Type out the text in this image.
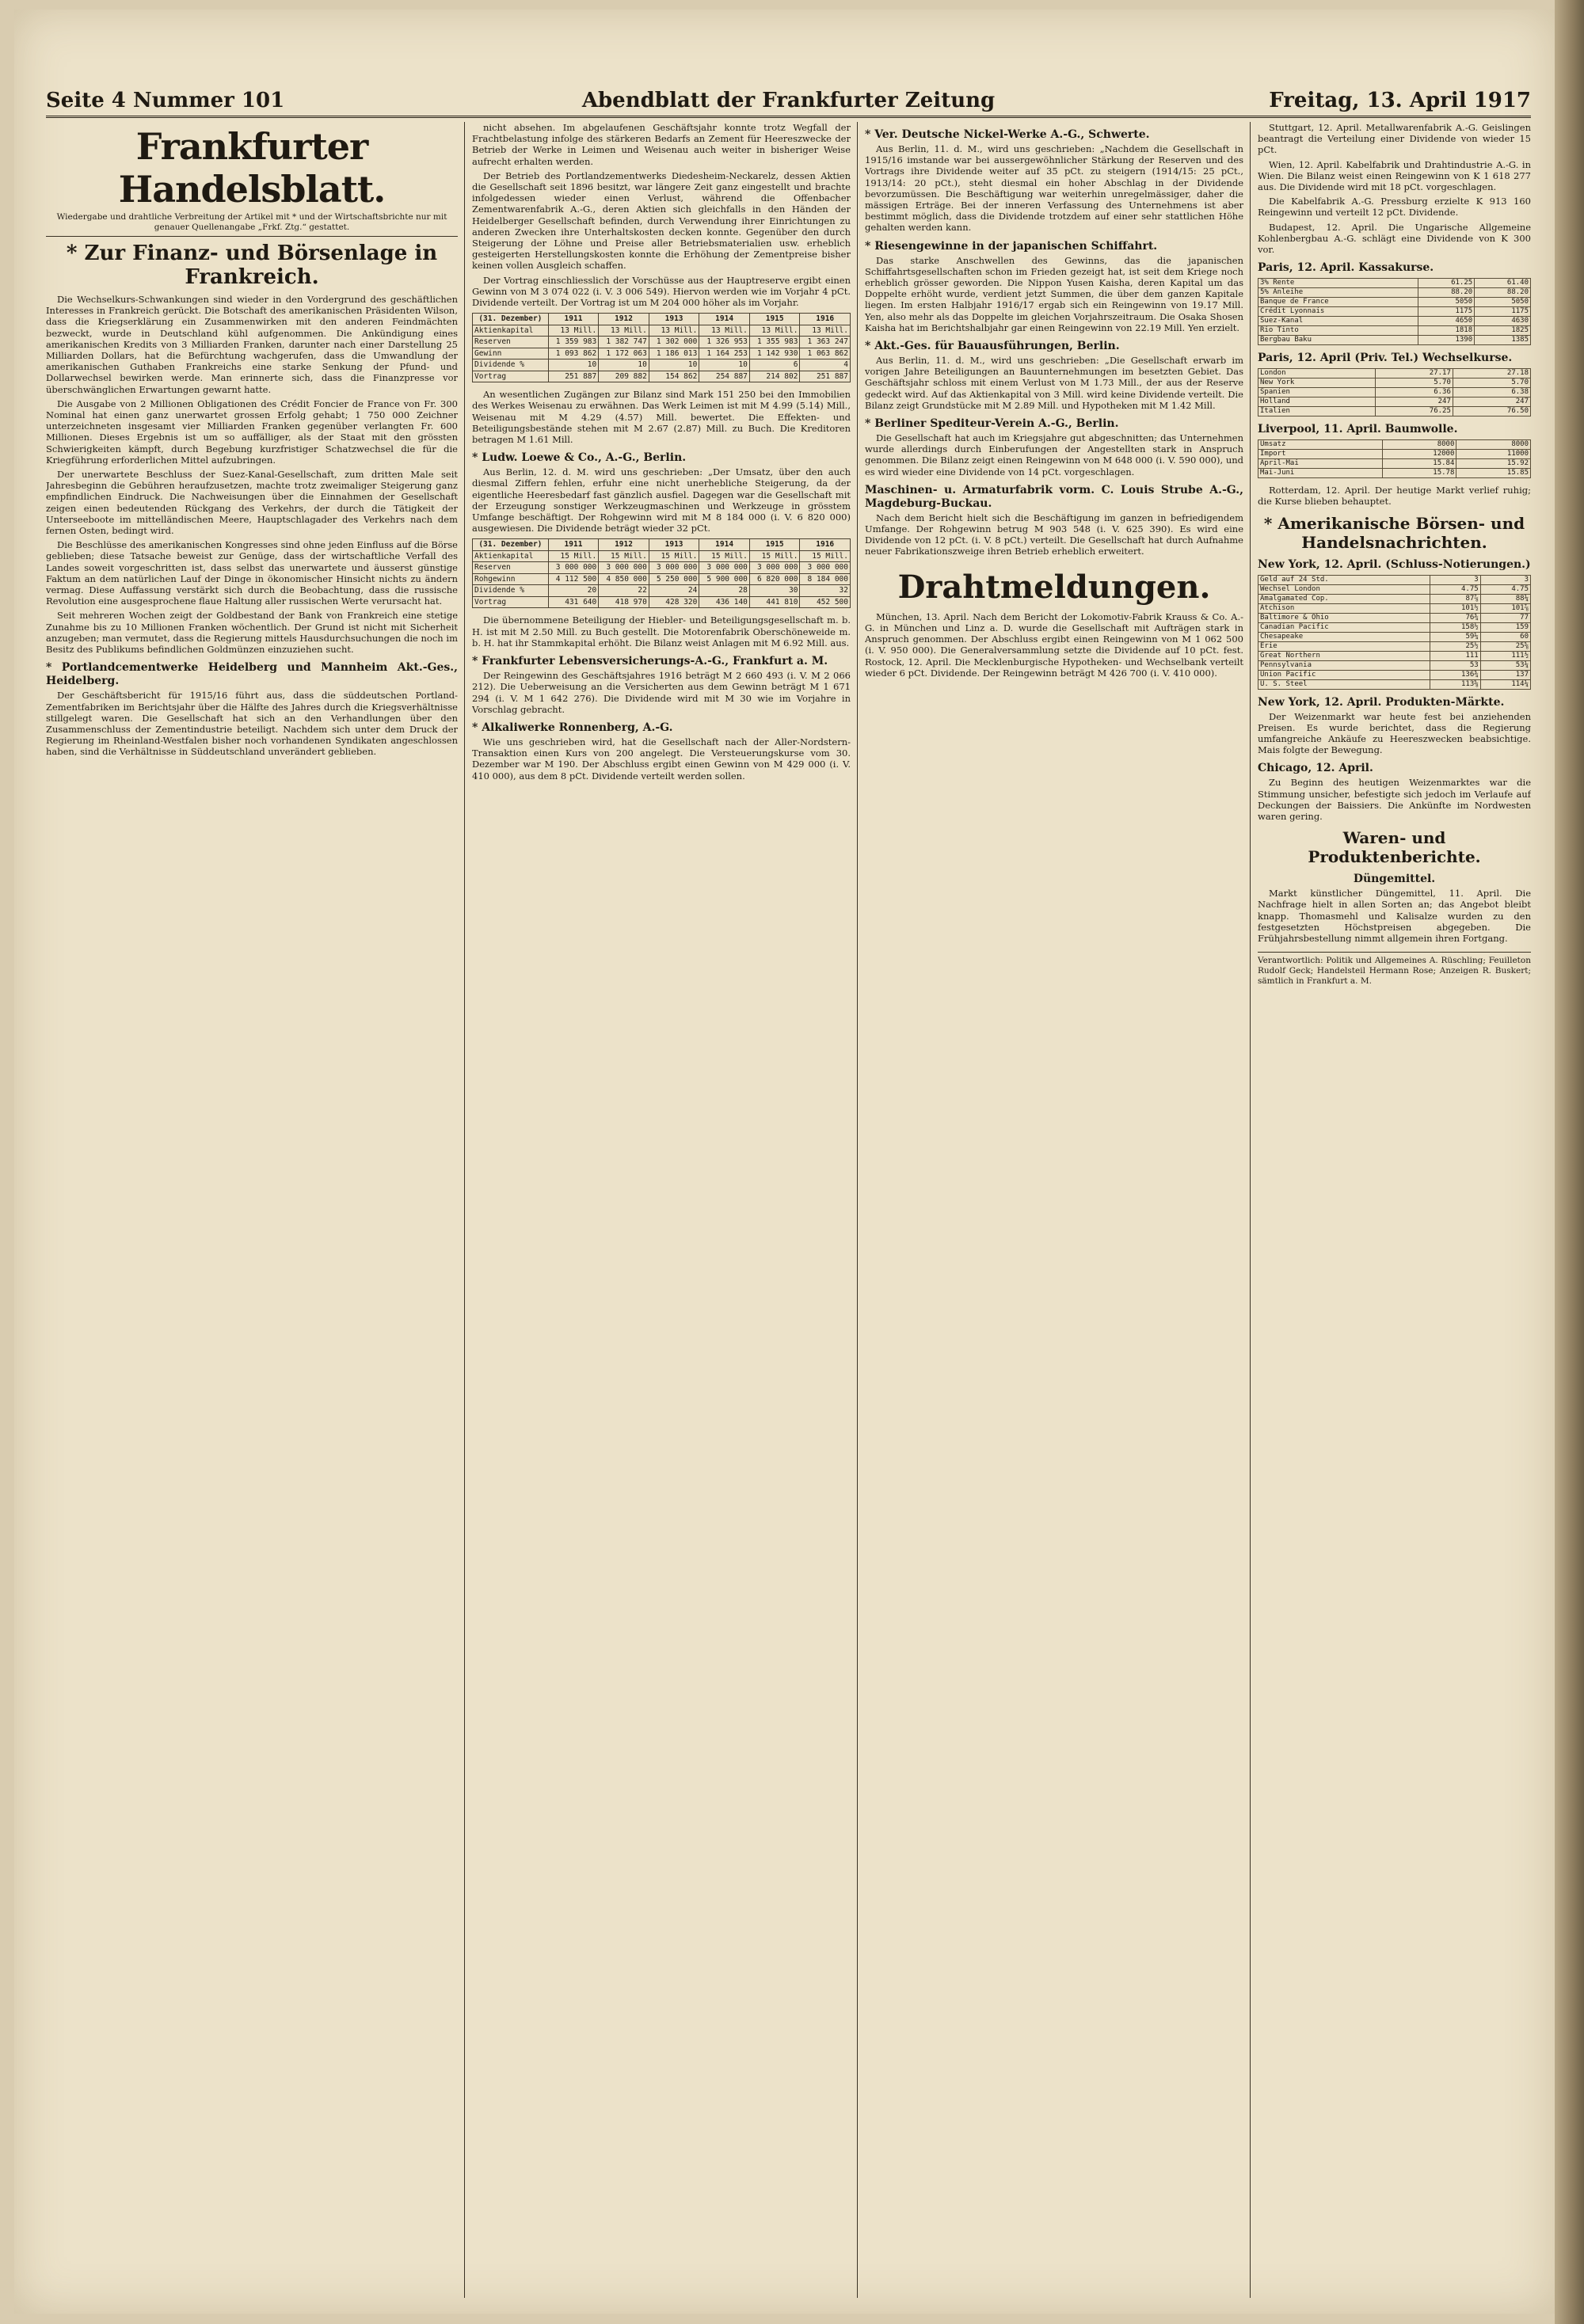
Seite 4 Nummer 101	Abendblatt der Frankfurter Zeitung	Freitag, 13. April 1917
Frankfurter Handelsblatt.
Wiedergabe und drahtliche Verbreitung der Artikel mit * und der Wirtschaftsbrichte nur mit genauer Quellenangabe „Frkf. Ztg.“ gestattet.
* Zur Finanz- und Börsenlage in Frankreich.

Die Wechselkurs-Schwankungen sind wieder in den Vordergrund des geschäftlichen Interesses in Frankreich gerückt. Die Botschaft des amerikanischen Präsidenten Wilson, dass die Kriegserklärung ein Zusammenwirken mit den anderen Feindmächten bezweckt, wurde in Deutschland kühl aufgenommen. Die Ankündigung eines amerikanischen Kredits von 3 Milliarden Franken, darunter nach einer Darstellung 25 Milliarden Dollars, hat die Befürchtung wachgerufen, dass die Umwandlung der amerikanischen Guthaben Frankreichs eine starke Senkung der Pfund- und Dollarwechsel bewirken werde. Man erinnerte sich, dass die Finanzpresse vor überschwänglichen Erwartungen gewarnt hatte.

Die Ausgabe von 2 Millionen Obligationen des Crédit Foncier de France von Fr. 300 Nominal hat einen ganz unerwartet grossen Erfolg gehabt; 1 750 000 Zeichner unterzeichneten insgesamt vier Milliarden Franken gegenüber verlangten Fr. 600 Millionen. Dieses Ergebnis ist um so auffälliger, als der Staat mit den grössten Schwierigkeiten kämpft, durch Begebung kurzfristiger Schatzwechsel die für die Kriegführung erforderlichen Mittel aufzubringen.

Der unerwartete Beschluss der Suez-Kanal-Gesellschaft, zum dritten Male seit Jahresbeginn die Gebühren heraufzusetzen, machte trotz zweimaliger Steigerung ganz empfindlichen Eindruck. Die Nachweisungen über die Einnahmen der Gesellschaft zeigen einen bedeutenden Rückgang des Verkehrs, der durch die Tätigkeit der Unterseeboote im mittelländischen Meere, Hauptschlagader des Verkehrs nach dem fernen Osten, bedingt wird.

Die Beschlüsse des amerikanischen Kongresses sind ohne jeden Einfluss auf die Börse geblieben; diese Tatsache beweist zur Genüge, dass der wirtschaftliche Verfall des Landes soweit vorgeschritten ist, dass selbst das unerwartete und äusserst günstige Faktum an dem natürlichen Lauf der Dinge in ökonomischer Hinsicht nichts zu ändern vermag. Diese Auffassung verstärkt sich durch die Beobachtung, dass die russische Revolution eine ausgesprochene flaue Haltung aller russischen Werte verursacht hat.

Seit mehreren Wochen zeigt der Goldbestand der Bank von Frankreich eine stetige Zunahme bis zu 10 Millionen Franken wöchentlich. Der Grund ist nicht mit Sicherheit anzugeben; man vermutet, dass die Regierung mittels Hausdurchsuchungen die noch im Besitz des Publikums befindlichen Goldmünzen einzuziehen sucht.

* Portlandcementwerke Heidelberg und Mannheim Akt.-Ges., Heidelberg.

Der Geschäftsbericht für 1915/16 führt aus, dass die süddeutschen Portland-Zementfabriken im Berichtsjahr über die Hälfte des Jahres durch die Kriegsverhältnisse stillgelegt waren. Die Gesellschaft hat sich an den Verhandlungen über den Zusammenschluss der Zementindustrie beteiligt. Nachdem sich unter dem Druck der Regierung im Rheinland-Westfalen bisher noch vorhandenen Syndikaten angeschlossen haben, sind die Verhältnisse in Süddeutschland unverändert geblieben.

nicht absehen. Im abgelaufenen Geschäftsjahr konnte trotz Wegfall der Frachtbelastung infolge des stärkeren Bedarfs an Zement für Heereszwecke der Betrieb der Werke in Leimen und Weisenau auch weiter in bisheriger Weise aufrecht erhalten werden.

Der Betrieb des Portlandzementwerks Diedesheim-Neckarelz, dessen Aktien die Gesellschaft seit 1896 besitzt, war längere Zeit ganz eingestellt und brachte infolgedessen wieder einen Verlust, während die Offenbacher Zementwarenfabrik A.-G., deren Aktien sich gleichfalls in den Händen der Heidelberger Gesellschaft befinden, durch Verwendung ihrer Einrichtungen zu anderen Zwecken ihre Unterhaltskosten decken konnte. Gegenüber den durch Steigerung der Löhne und Preise aller Betriebsmaterialien usw. erheblich gesteigerten Herstellungskosten konnte die Erhöhung der Zementpreise bisher keinen vollen Ausgleich schaffen.

Der Vortrag einschliesslich der Vorschüsse aus der Hauptreserve ergibt einen Gewinn von M 3 074 022 (i. V. 3 006 549). Hiervon werden wie im Vorjahr 4 pCt. Dividende verteilt. Der Vortrag ist um M 204 000 höher als im Vorjahr.

(31. Dezember)	1911	1912	1913	1914	1915	1916
Aktienkapital	13 Mill.	13 Mill.	13 Mill.	13 Mill.	13 Mill.	13 Mill.
Reserven	1 359 983	1 382 747	1 302 000	1 326 953	1 355 983	1 363 247
Gewinn	1 093 862	1 172 063	1 186 013	1 164 253	1 142 930	1 063 862
Dividende %	10	10	10	10	6	4
Vortrag	251 887	209 882	154 862	254 887	214 802	251 887

An wesentlichen Zugängen zur Bilanz sind Mark 151 250 bei den Immobilien des Werkes Weisenau zu erwähnen. Das Werk Leimen ist mit M 4.99 (5.14) Mill., Weisenau mit M 4.29 (4.57) Mill. bewertet. Die Effekten- und Beteiligungsbestände stehen mit M 2.67 (2.87) Mill. zu Buch. Die Kreditoren betragen M 1.61 Mill.

* Ludw. Loewe & Co., A.-G., Berlin.

Aus Berlin, 12. d. M. wird uns geschrieben: „Der Umsatz, über den auch diesmal Ziffern fehlen, erfuhr eine nicht unerhebliche Steigerung, da der eigentliche Heeresbedarf fast gänzlich ausfiel. Dagegen war die Gesellschaft mit der Erzeugung sonstiger Werkzeugmaschinen und Werkzeuge in grösstem Umfange beschäftigt. Der Rohgewinn wird mit M 8 184 000 (i. V. 6 820 000) ausgewiesen. Die Dividende beträgt wieder 32 pCt.

(31. Dezember)	1911	1912	1913	1914	1915	1916
Aktienkapital	15 Mill.	15 Mill.	15 Mill.	15 Mill.	15 Mill.	15 Mill.
Reserven	3 000 000	3 000 000	3 000 000	3 000 000	3 000 000	3 000 000
Rohgewinn	4 112 500	4 850 000	5 250 000	5 900 000	6 820 000	8 184 000
Dividende %	20	22	24	28	30	32
Vortrag	431 640	418 970	428 320	436 140	441 810	452 500

Die übernommene Beteiligung der Hiebler- und Beteiligungsgesellschaft m. b. H. ist mit M 2.50 Mill. zu Buch gestellt. Die Motorenfabrik Oberschöneweide m. b. H. hat ihr Stammkapital erhöht. Die Bilanz weist Anlagen mit M 6.92 Mill. aus.

* Frankfurter Lebensversicherungs-A.-G., Frankfurt a. M.

Der Reingewinn des Geschäftsjahres 1916 beträgt M 2 660 493 (i. V. M 2 066 212). Die Ueberweisung an die Versicherten aus dem Gewinn beträgt M 1 671 294 (i. V. M 1 642 276). Die Dividende wird mit M 30 wie im Vorjahre in Vorschlag gebracht.

* Alkaliwerke Ronnenberg, A.-G.

Wie uns geschrieben wird, hat die Gesellschaft nach der Aller-Nordstern-Transaktion einen Kurs von 200 angelegt. Die Versteuerungskurse vom 30. Dezember war M 190. Der Abschluss ergibt einen Gewinn von M 429 000 (i. V. 410 000), aus dem 8 pCt. Dividende verteilt werden sollen.

* Ver. Deutsche Nickel-Werke A.-G., Schwerte.

Aus Berlin, 11. d. M., wird uns geschrieben: „Nachdem die Gesellschaft in 1915/16 imstande war bei aussergewöhnlicher Stärkung der Reserven und des Vortrags ihre Dividende weiter auf 35 pCt. zu steigern (1914/15: 25 pCt., 1913/14: 20 pCt.), steht diesmal ein hoher Abschlag in der Dividende bevorzumüssen. Die Beschäftigung war weiterhin unregelmässiger, daher die mässigen Erträge. Bei der inneren Verfassung des Unternehmens ist aber bestimmt möglich, dass die Dividende trotzdem auf einer sehr stattlichen Höhe gehalten werden kann.

* Riesengewinne in der japanischen Schiffahrt.

Das starke Anschwellen des Gewinns, das die japanischen Schiffahrtsgesellschaften schon im Frieden gezeigt hat, ist seit dem Kriege noch erheblich grösser geworden. Die Nippon Yusen Kaisha, deren Kapital um das Doppelte erhöht wurde, verdient jetzt Summen, die über dem ganzen Kapitale liegen. Im ersten Halbjahr 1916/17 ergab sich ein Reingewinn von 19.17 Mill. Yen, also mehr als das Doppelte im gleichen Vorjahrszeitraum. Die Osaka Shosen Kaisha hat im Berichtshalbjahr gar einen Reingewinn von 22.19 Mill. Yen erzielt.

* Akt.-Ges. für Bauausführungen, Berlin.

Aus Berlin, 11. d. M., wird uns geschrieben: „Die Gesellschaft erwarb im vorigen Jahre Beteiligungen an Bauunternehmungen im besetzten Gebiet. Das Geschäftsjahr schloss mit einem Verlust von M 1.73 Mill., der aus der Reserve gedeckt wird. Auf das Aktienkapital von 3 Mill. wird keine Dividende verteilt. Die Bilanz zeigt Grundstücke mit M 2.89 Mill. und Hypotheken mit M 1.42 Mill.

* Berliner Spediteur-Verein A.-G., Berlin.

Die Gesellschaft hat auch im Kriegsjahre gut abgeschnitten; das Unternehmen wurde allerdings durch Einberufungen der Angestellten stark in Anspruch genommen. Die Bilanz zeigt einen Reingewinn von M 648 000 (i. V. 590 000), und es wird wieder eine Dividende von 14 pCt. vorgeschlagen.

Maschinen- u. Armaturfabrik vorm. C. Louis Strube A.-G., Magdeburg-Buckau.

Nach dem Bericht hielt sich die Beschäftigung im ganzen in befriedigendem Umfange. Der Rohgewinn betrug M 903 548 (i. V. 625 390). Es wird eine Dividende von 12 pCt. (i. V. 8 pCt.) verteilt. Die Gesellschaft hat durch Aufnahme neuer Fabrikationszweige ihren Betrieb erheblich erweitert.

Drahtmeldungen.

München, 13. April. Nach dem Bericht der Lokomotiv-Fabrik Krauss & Co. A.-G. in München und Linz a. D. wurde die Gesellschaft mit Aufträgen stark in Anspruch genommen. Der Abschluss ergibt einen Reingewinn von M 1 062 500 (i. V. 950 000). Die Generalversammlung setzte die Dividende auf 10 pCt. fest. Rostock, 12. April. Die Mecklenburgische Hypotheken- und Wechselbank verteilt wieder 6 pCt. Dividende. Der Reingewinn beträgt M 426 700 (i. V. 410 000).

Stuttgart, 12. April. Metallwarenfabrik A.-G. Geislingen beantragt die Verteilung einer Dividende von wieder 15 pCt.

Wien, 12. April. Kabelfabrik und Drahtindustrie A.-G. in Wien. Die Bilanz weist einen Reingewinn von K 1 618 277 aus. Die Dividende wird mit 18 pCt. vorgeschlagen.

Die Kabelfabrik A.-G. Pressburg erzielte K 913 160 Reingewinn und verteilt 12 pCt. Dividende.

Budapest, 12. April. Die Ungarische Allgemeine Kohlenbergbau A.-G. schlägt eine Dividende von K 300 vor.

Paris, 12. April. Kassakurse.
3% Rente	61.25	61.40
5% Anleihe	88.20	88.20
Banque de France	5050	5050
Crédit Lyonnais	1175	1175
Suez-Kanal	4650	4630
Rio Tinto	1818	1825
Bergbau Baku	1390	1385
Paris, 12. April (Priv. Tel.) Wechselkurse.
London	27.17	27.18
New York	5.70	5.70
Spanien	6.36	6.38
Holland	247	247
Italien	76.25	76.50
Liverpool, 11. April. Baumwolle.
Umsatz	8000	8000
Import	12000	11000
April-Mai	15.84	15.92
Mai-Juni	15.78	15.85

Rotterdam, 12. April. Der heutige Markt verlief ruhig; die Kurse blieben behauptet.

* Amerikanische Börsen- und Handelsnachrichten.
New York, 12. April. (Schluss-Notierungen.)
Geld auf 24 Std.	3	3
Wechsel London	4.75	4.75
Amalgamated Cop.	87⅞	88¼
Atchison	101½	101⅞
Baltimore & Ohio	76¾	77
Canadian Pacific	158½	159
Chesapeake	59¼	60
Erie	25½	25⅝
Great Northern	111	111½
Pennsylvania	53	53¼
Union Pacific	136¾	137
U. S. Steel	113⅝	114¼
New York, 12. April. Produkten-Märkte.

Der Weizenmarkt war heute fest bei anziehenden Preisen. Es wurde berichtet, dass die Regierung umfangreiche Ankäufe zu Heereszwecken beabsichtige. Mais folgte der Bewegung.

Chicago, 12. April.

Zu Beginn des heutigen Weizenmarktes war die Stimmung unsicher, befestigte sich jedoch im Verlaufe auf Deckungen der Baissiers. Die Ankünfte im Nordwesten waren gering.

Waren- und Produktenberichte.
Düngemittel.

Markt künstlicher Düngemittel, 11. April. Die Nachfrage hielt in allen Sorten an; das Angebot bleibt knapp. Thomasmehl und Kalisalze wurden zu den festgesetzten Höchstpreisen abgegeben. Die Frühjahrsbestellung nimmt allgemein ihren Fortgang.

Verantwortlich: Politik und Allgemeines A. Rüschling; Feuilleton Rudolf Geck; Handelsteil Hermann Rose; Anzeigen R. Buskert; sämtlich in Frankfurt a. M.
